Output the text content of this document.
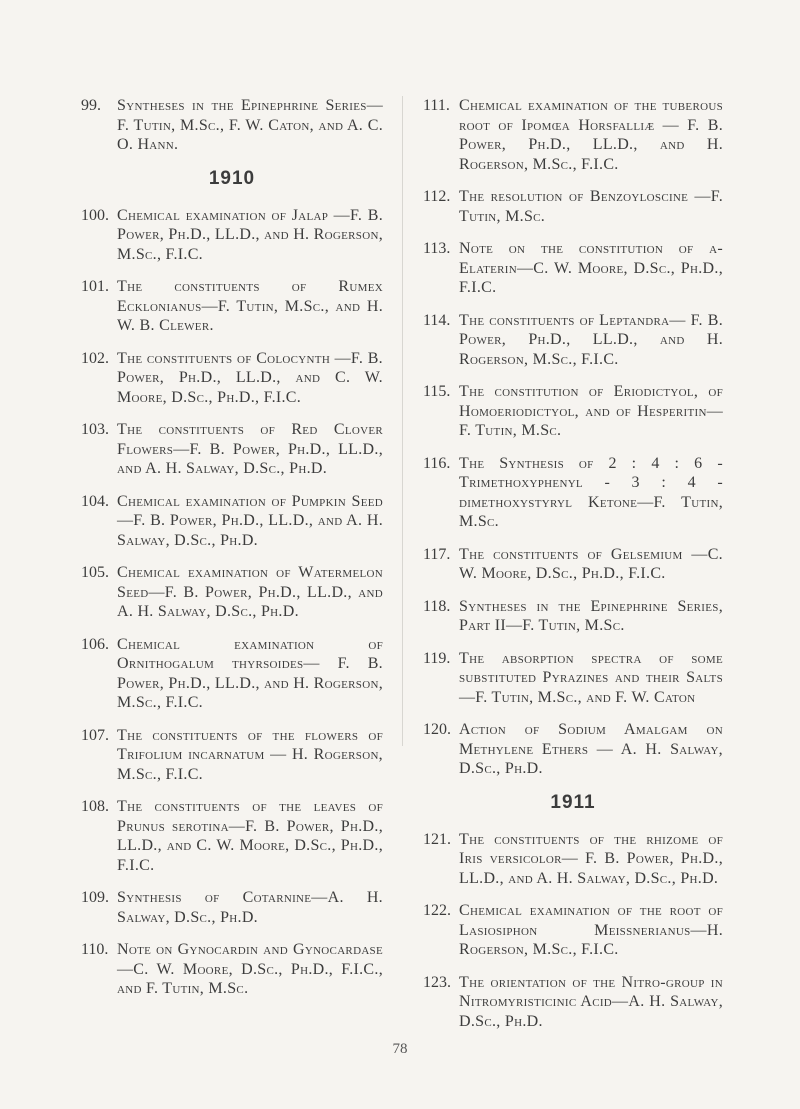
99.	Syntheses in the Epinephrine Series—F. Tutin, M.Sc., F. W. Caton, and A. C. O. Hann.
1910
100. Chemical examination of Jalap —F. B. Power, Ph.D., LL.D., and H. Rogerson, M.Sc., F.I.C.
101. The constituents of Rumex Ecklonianus—F. Tutin, M.Sc., and H. W. B. Clewer.
102. The constituents of Colocynth —F. B. Power, Ph.D., LL.D., and C. W. Moore, D.Sc., Ph.D., F.I.C.
103. The constituents of Red Clover Flowers—F. B. Power, Ph.D., LL.D., and A. H. Salway, D.Sc., Ph.D.
104. Chemical examination of Pumpkin Seed—F. B. Power, Ph.D., LL.D., and A. H. Salway, D.Sc., Ph.D.
105. Chemical examination of Watermelon Seed—F. B. Power, Ph.D., LL.D., and A. H. Salway, D.Sc., Ph.D.
106. Chemical examination of Ornithogalum thyrsoides— F. B. Power, Ph.D., LL.D., and H. Rogerson, M.Sc., F.I.C.
107. The constituents of the flowers of Trifolium incarnatum — H. Rogerson, M.Sc., F.I.C.
108. The constituents of the leaves of Prunus serotina—F. B. Power, Ph.D., LL.D., and C. W. Moore, D.Sc., Ph.D., F.I.C.
109. Synthesis of Cotarnine—A. H. Salway, D.Sc., Ph.D.
110. Note on Gynocardin and Gynocardase—C. W. Moore, D.Sc., Ph.D., F.I.C., and F. Tutin, M.Sc.
111. Chemical examination of the tuberous root of Ipomœa Horsfalliæ — F. B. Power, Ph.D., LL.D., and H. Rogerson, M.Sc., F.I.C.
112. The resolution of Benzoyloscine —F. Tutin, M.Sc.
113. Note on the constitution of α-Elaterin—C. W. Moore, D.Sc., Ph.D., F.I.C.
114. The constituents of Leptandra— F. B. Power, Ph.D., LL.D., and H. Rogerson, M.Sc., F.I.C.
115. The constitution of Eriodictyol, of Homoeriodictyol, and of Hesperitin—F. Tutin, M.Sc.
116. The Synthesis of 2 : 4 : 6 - Trimethoxyphenyl - 3 : 4 - dimethoxystyryl Ketone—F. Tutin, M.Sc.
117. The constituents of Gelsemium —C. W. Moore, D.Sc., Ph.D., F.I.C.
118. Syntheses in the Epinephrine Series, Part II—F. Tutin, M.Sc.
119. The absorption spectra of some substituted Pyrazines and their Salts—F. Tutin, M.Sc., and F. W. Caton
120. Action of Sodium Amalgam on Methylene Ethers — A. H. Salway, D.Sc., Ph.D.
1911
121. The constituents of the rhizome of Iris versicolor— F. B. Power, Ph.D., LL.D., and A. H. Salway, D.Sc., Ph.D.
122. Chemical examination of the root of Lasiosiphon Meissnerianus—H. Rogerson, M.Sc., F.I.C.
123. The orientation of the Nitro-group in Nitromyristicinic Acid—A. H. Salway, D.Sc., Ph.D.
78
